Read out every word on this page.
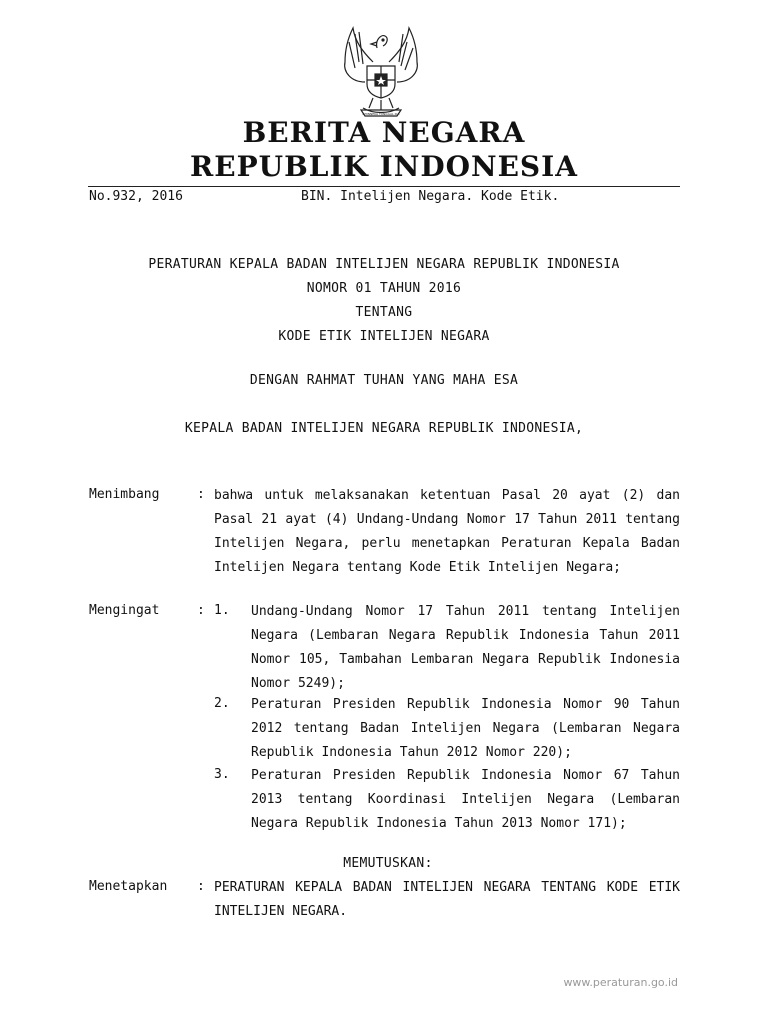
BHINNEKA TUNGGAL IKA
BERITA NEGARA
REPUBLIK INDONESIA
No.932, 2016	BIN. Intelijen Negara. Kode Etik.
PERATURAN KEPALA BADAN INTELIJEN NEGARA REPUBLIK INDONESIA
NOMOR 01 TAHUN 2016
TENTANG
KODE ETIK INTELIJEN NEGARA
DENGAN RAHMAT TUHAN YANG MAHA ESA
KEPALA BADAN INTELIJEN NEGARA REPUBLIK INDONESIA,
Menimbang	: bahwa untuk melaksanakan ketentuan Pasal 20 ayat (2) dan Pasal 21 ayat (4) Undang-Undang Nomor 17 Tahun 2011 tentang Intelijen Negara, perlu menetapkan Peraturan Kepala Badan Intelijen Negara tentang Kode Etik Intelijen Negara;

Mengingat	: 1. Undang-Undang Nomor 17 Tahun 2011 tentang Intelijen Negara (Lembaran Negara Republik Indonesia Tahun 2011 Nomor 105, Tambahan Lembaran Negara Republik Indonesia Nomor 5249);

2. Peraturan Presiden Republik Indonesia Nomor 90 Tahun 2012 tentang Badan Intelijen Negara (Lembaran Negara Republik Indonesia Tahun 2012 Nomor 220);

3. Peraturan Presiden Republik Indonesia Nomor 67 Tahun 2013 tentang Koordinasi Intelijen Negara (Lembaran Negara Republik Indonesia Tahun 2013 Nomor 171);

MEMUTUSKAN:
Menetapkan : PERATURAN KEPALA BADAN INTELIJEN NEGARA TENTANG KODE ETIK INTELIJEN NEGARA.

www.peraturan.go.id
